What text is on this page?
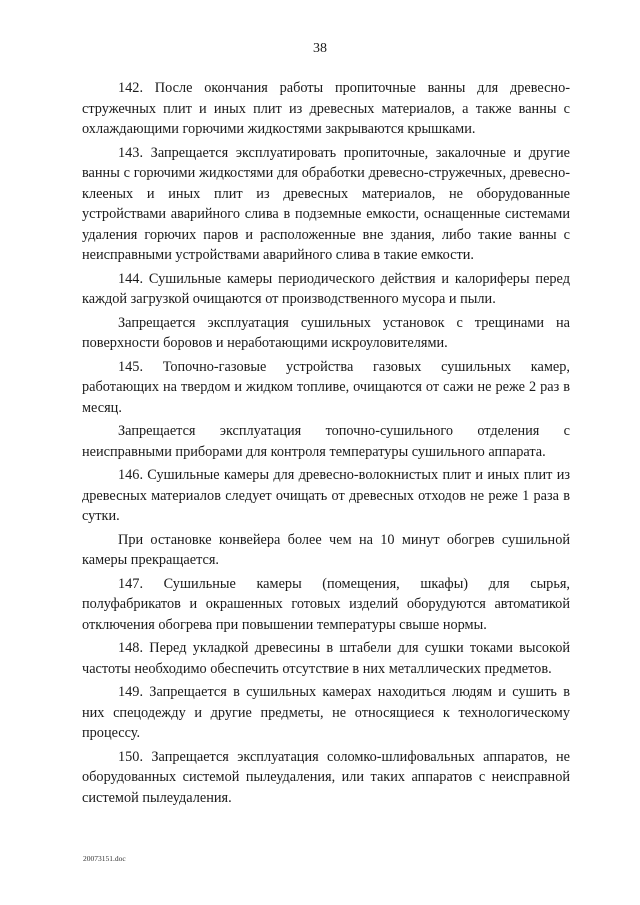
38

142. После окончания работы пропиточные ванны для древесно-стружечных плит и иных плит из древесных материалов, а также ванны с охлаждающими горючими жидкостями закрываются крышками.

143. Запрещается эксплуатировать пропиточные, закалочные и другие ванны с горючими жидкостями для обработки древесно-стружечных, древесно-клееных и иных плит из древесных материалов, не оборудованные устройствами аварийного слива в подземные емкости, оснащенные системами удаления горючих паров и расположенные вне здания, либо такие ванны с неисправными устройствами аварийного слива в такие емкости.

144. Сушильные камеры периодического действия и калориферы перед каждой загрузкой очищаются от производственного мусора и пыли.

Запрещается эксплуатация сушильных установок с трещинами на поверхности боровов и неработающими искроуловителями.

145. Топочно-газовые устройства газовых сушильных камер, работающих на твердом и жидком топливе, очищаются от сажи не реже 2 раз в месяц.

Запрещается эксплуатация топочно-сушильного отделения с неисправными приборами для контроля температуры сушильного аппарата.

146. Сушильные камеры для древесно-волокнистых плит и иных плит из древесных материалов следует очищать от древесных отходов не реже 1 раза в сутки.

При остановке конвейера более чем на 10 минут обогрев сушильной камеры прекращается.

147. Сушильные камеры (помещения, шкафы) для сырья, полуфабрикатов и окрашенных готовых изделий оборудуются автоматикой отключения обогрева при повышении температуры свыше нормы.

148. Перед укладкой древесины в штабели для сушки токами высокой частоты необходимо обеспечить отсутствие в них металлических предметов.

149. Запрещается в сушильных камерах находиться людям и сушить в них спецодежду и другие предметы, не относящиеся к технологическому процессу.

150. Запрещается эксплуатация соломко-шлифовальных аппаратов, не оборудованных системой пылеудаления, или таких аппаратов с неисправной системой пылеудаления.

20073151.doc
